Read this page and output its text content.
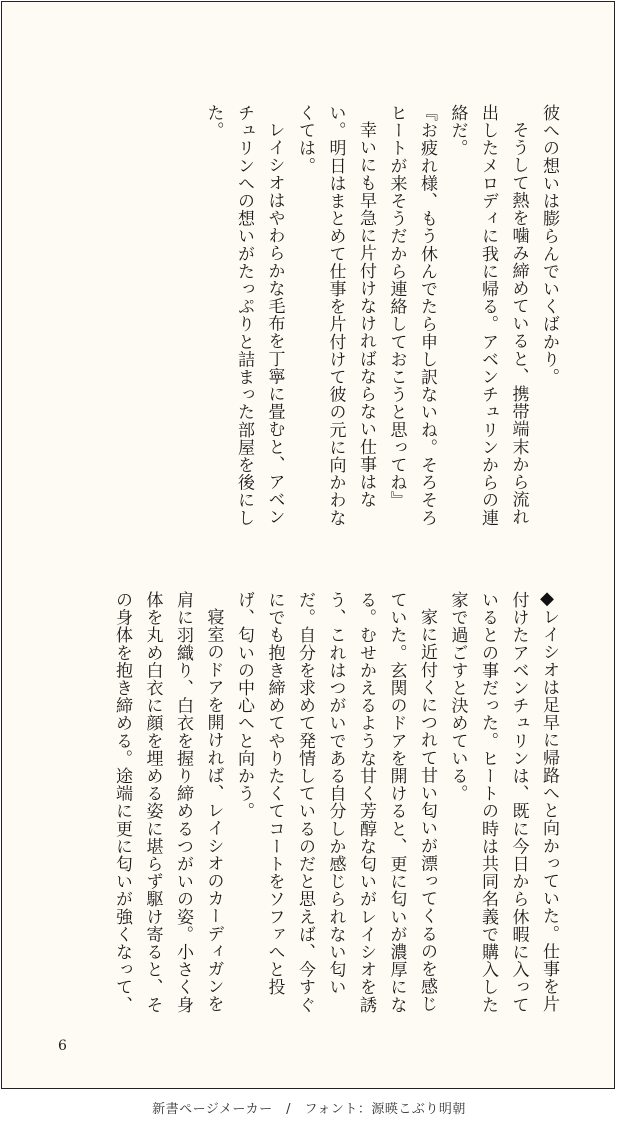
彼への想いは膨らんでいくばかり。

そうして熱を噛み締めていると、携帯端末から流れ出したメロディに我に帰る。アベンチュリンからの連絡だ。

『お疲れ様、もう休んでたら申し訳ないね。そろそろヒートが来そうだから連絡しておこうと思ってね』

幸いにも早急に片付けなければならない仕事はない。明日はまとめて仕事を片付けて彼の元に向かわなくては。

レイシオはやわらかな毛布を丁寧に畳むと、アベンチュリンへの想いがたっぷりと詰まった部屋を後にした。

◆

レイシオは足早に帰路へと向かっていた。仕事を片付けたアベンチュリンは、既に今日から休暇に入っているとの事だった。ヒートの時は共同名義で購入した家で過ごすと決めている。

家に近付くにつれて甘い匂いが漂ってくるのを感じていた。玄関のドアを開けると、更に匂いが濃厚になる。むせかえるような甘く芳醇な匂いがレイシオを誘う、これはつがいである自分しか感じられない匂いだ。自分を求めて発情しているのだと思えば、今すぐにでも抱き締めてやりたくてコートをソファへと投げ、匂いの中心へと向かう。

寝室のドアを開ければ、レイシオのカーディガンを肩に羽織り、白衣を握り締めるつがいの姿。小さく身体を丸め白衣に顔を埋める姿に堪らず駆け寄ると、その身体を抱き締める。途端に更に匂いが強くなって、

6
新書ページメーカー　/　フォント：源暎こぶり明朝
